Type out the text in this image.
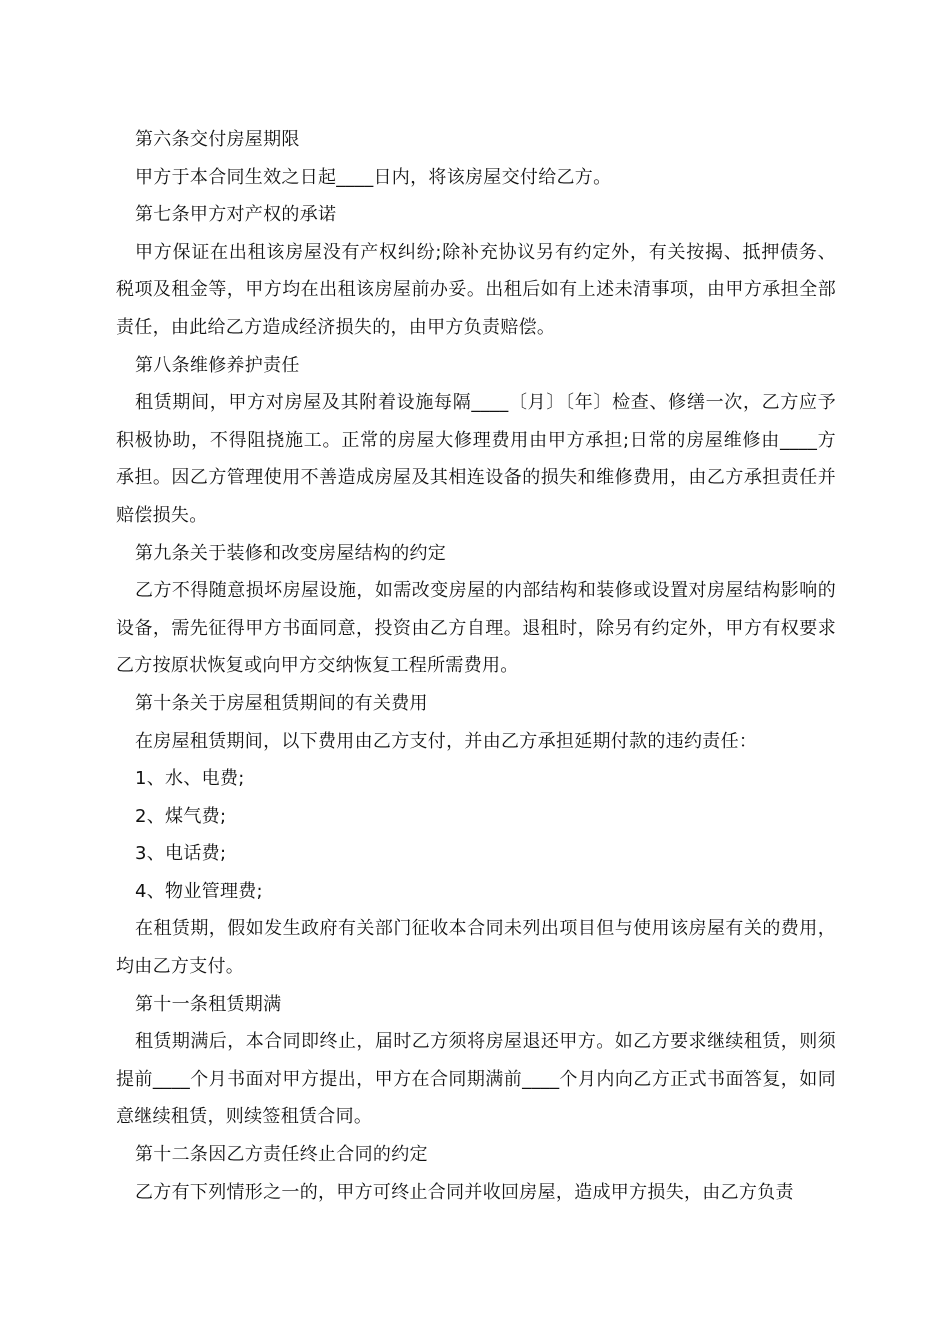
第六条交付房屋期限

甲方于本合同生效之日起____日内，将该房屋交付给乙方。

第七条甲方对产权的承诺

甲方保证在出租该房屋没有产权纠纷;除补充协议另有约定外，有关按揭、抵押债务、税项及租金等，甲方均在出租该房屋前办妥。出租后如有上述未清事项，由甲方承担全部责任，由此给乙方造成经济损失的，由甲方负责赔偿。

第八条维修养护责任

租赁期间，甲方对房屋及其附着设施每隔____〔月〕〔年〕检查、修缮一次，乙方应予积极协助，不得阻挠施工。正常的房屋大修理费用由甲方承担;日常的房屋维修由____方承担。因乙方管理使用不善造成房屋及其相连设备的损失和维修费用，由乙方承担责任并赔偿损失。

第九条关于装修和改变房屋结构的约定

乙方不得随意损坏房屋设施，如需改变房屋的内部结构和装修或设置对房屋结构影响的设备，需先征得甲方书面同意，投资由乙方自理。退租时，除另有约定外，甲方有权要求乙方按原状恢复或向甲方交纳恢复工程所需费用。

第十条关于房屋租赁期间的有关费用

在房屋租赁期间，以下费用由乙方支付，并由乙方承担延期付款的违约责任：

1、水、电费;

2、煤气费;

3、电话费;

4、物业管理费;

在租赁期，假如发生政府有关部门征收本合同未列出项目但与使用该房屋有关的费用，均由乙方支付。

第十一条租赁期满

租赁期满后，本合同即终止，届时乙方须将房屋退还甲方。如乙方要求继续租赁，则须提前____个月书面对甲方提出，甲方在合同期满前____个月内向乙方正式书面答复，如同意继续租赁，则续签租赁合同。

第十二条因乙方责任终止合同的约定

乙方有下列情形之一的，甲方可终止合同并收回房屋，造成甲方损失，由乙方负责
